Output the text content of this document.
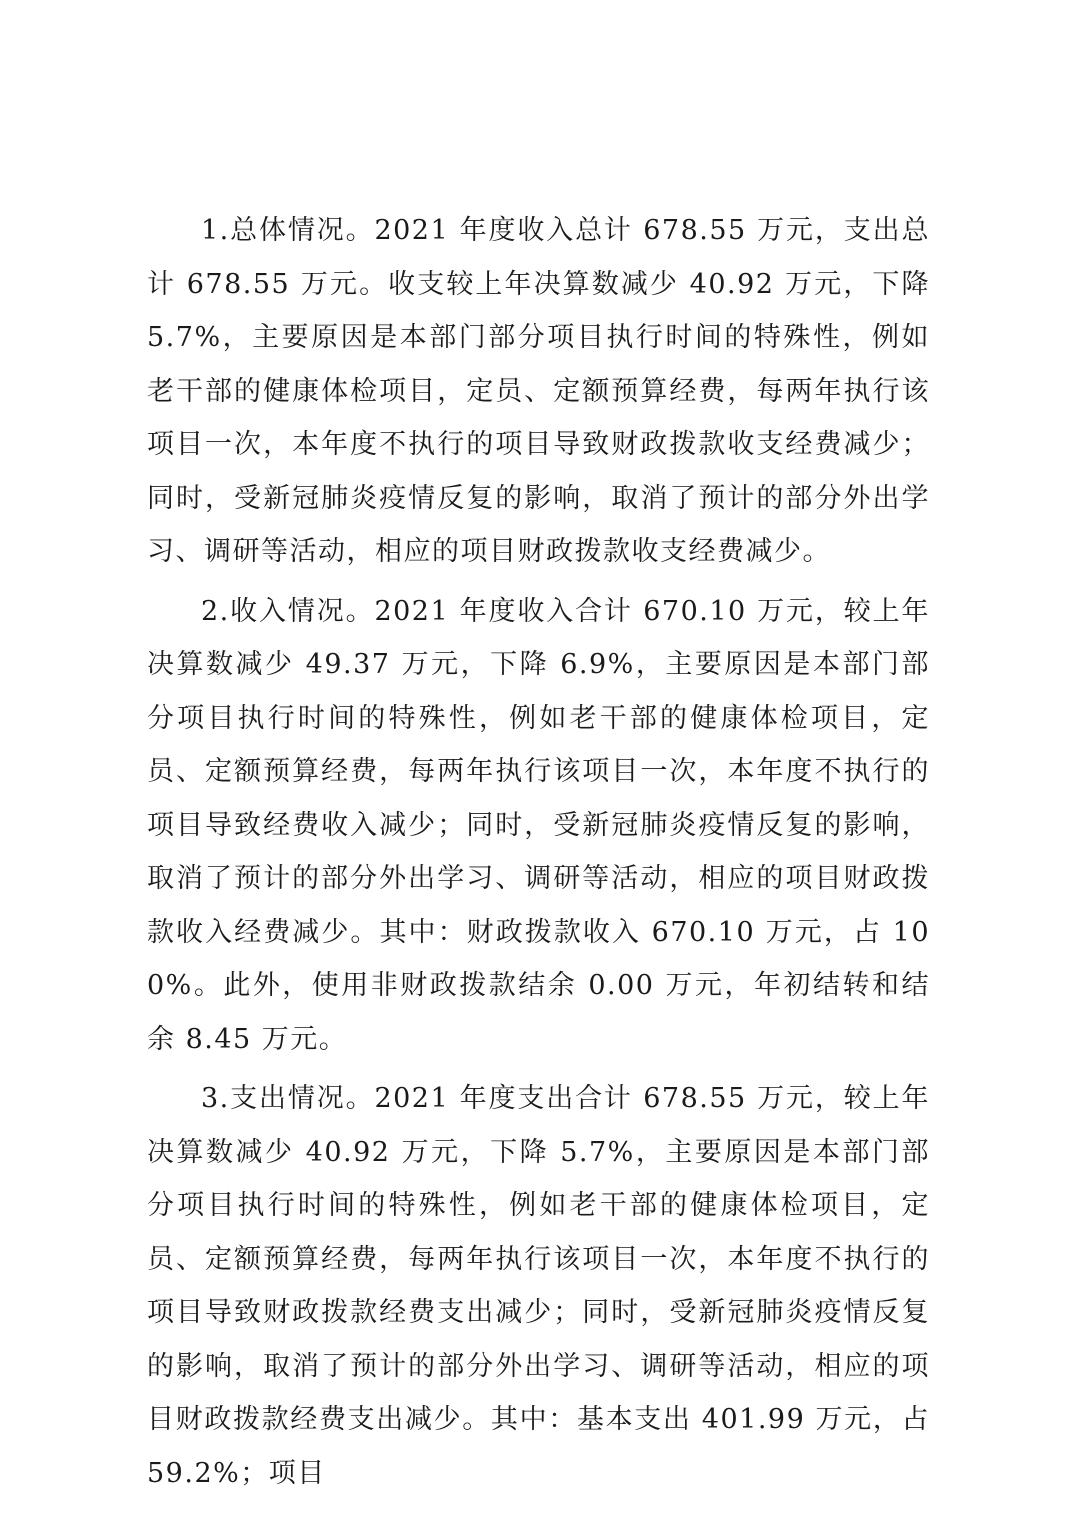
1.总体情况。2021 年度收入总计 678.55 万元，支出总计 678.55 万元。收支较上年决算数减少 40.92 万元，下降 5.7%，主要原因是本部门部分项目执行时间的特殊性，例如老干部的健康体检项目，定员、定额预算经费，每两年执行该项目一次，本年度不执行的项目导致财政拨款收支经费减少；同时，受新冠肺炎疫情反复的影响，取消了预计的部分外出学习、调研等活动，相应的项目财政拨款收支经费减少。

2.收入情况。2021 年度收入合计 670.10 万元，较上年决算数减少 49.37 万元，下降 6.9%，主要原因是本部门部分项目执行时间的特殊性，例如老干部的健康体检项目，定员、定额预算经费，每两年执行该项目一次，本年度不执行的项目导致经费收入减少；同时，受新冠肺炎疫情反复的影响，取消了预计的部分外出学习、调研等活动，相应的项目财政拨款收入经费减少。其中：财政拨款收入 670.10 万元，占 100%。此外，使用非财政拨款结余 0.00 万元，年初结转和结余 8.45 万元。

3.支出情况。2021 年度支出合计 678.55 万元，较上年决算数减少 40.92 万元，下降 5.7%，主要原因是本部门部分项目执行时间的特殊性，例如老干部的健康体检项目，定员、定额预算经费，每两年执行该项目一次，本年度不执行的项目导致财政拨款经费支出减少；同时，受新冠肺炎疫情反复的影响，取消了预计的部分外出学习、调研等活动，相应的项目财政拨款经费支出减少。其中：基本支出 401.99 万元，占 59.2%；项目
